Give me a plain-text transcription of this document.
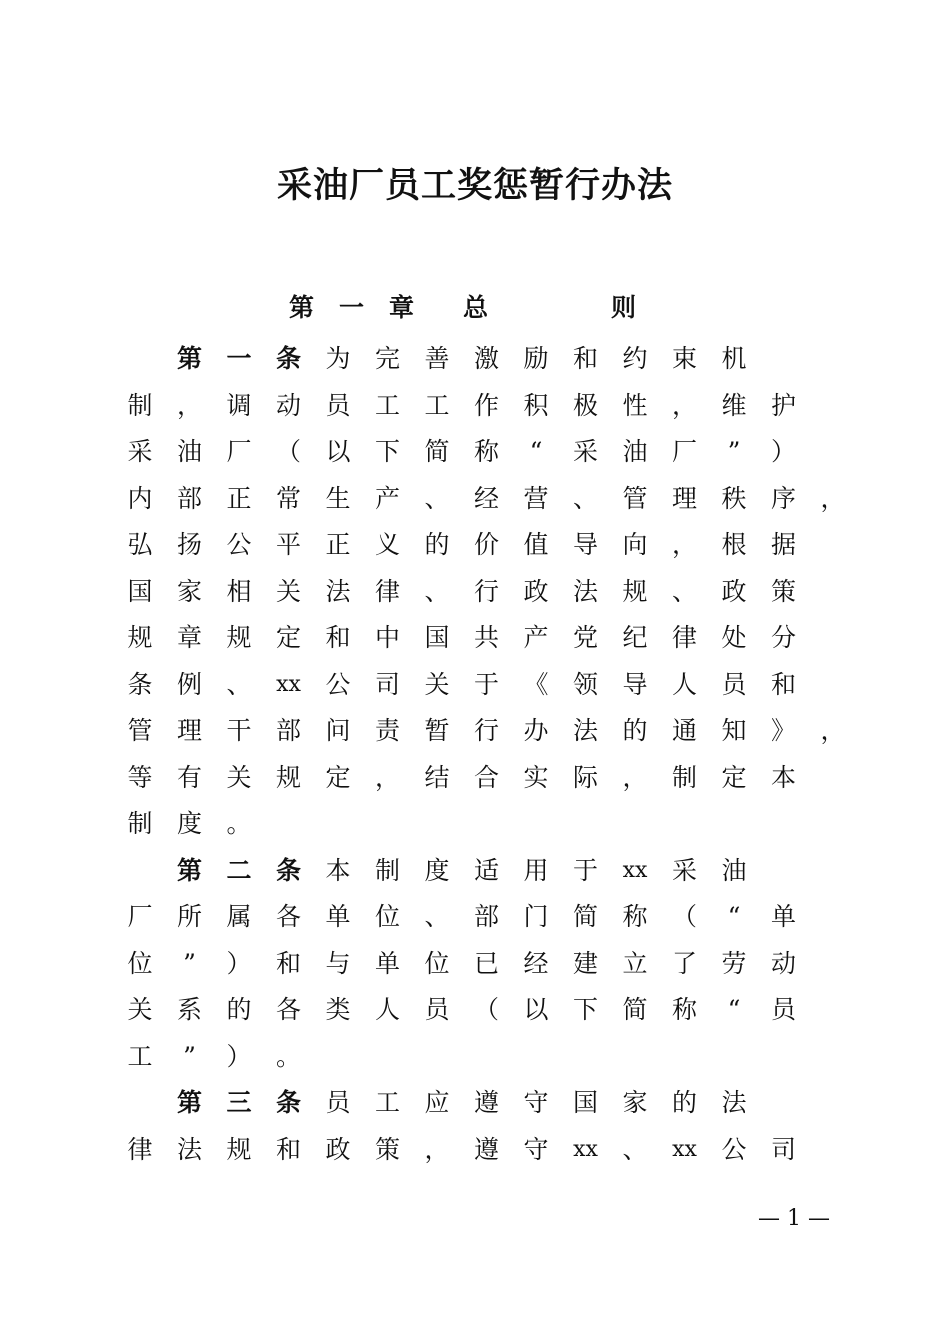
采油厂员工奖惩暂行办法
第 一 章 总	则
第 一 条 为 完 善 激 励 和 约 束 机
制 ， 调 动 员 工 工 作 积 极 性 ， 维 护
采 油 厂 （ 以 下 简 称	“	采 油 厂	”	）
内 部 正 常 生 产 、 经 营 、 管 理 秩 序 ，
弘 扬 公 平 正 义 的 价 值 导 向 ， 根 据
国 家 相 关 法 律 、 行 政 法 规 、 政 策
规 章 规 定 和 中 国 共 产 党 纪 律 处 分
条 例 、	xx 公 司 关 于 《 领 导 人 员 和
管 理 干 部 问 责 暂 行 办 法 的 通 知 》 ，
等 有 关 规 定 ， 结 合 实 际 ， 制 定 本
制 度 。
第 二 条 本 制 度 适 用 于	xx 采 油
厂 所 属 各 单 位 、 部 门 简 称 （	“	单
位	”	） 和 与 单 位 已 经 建 立 了 劳 动
关 系 的 各 类 人 员 （ 以 下 简 称	“	员
工	”	） 。
第 三 条 员 工 应 遵 守 国 家 的 法
律 法 规 和 政 策 ， 遵 守	xx 、	xx 公 司
— 1 —
